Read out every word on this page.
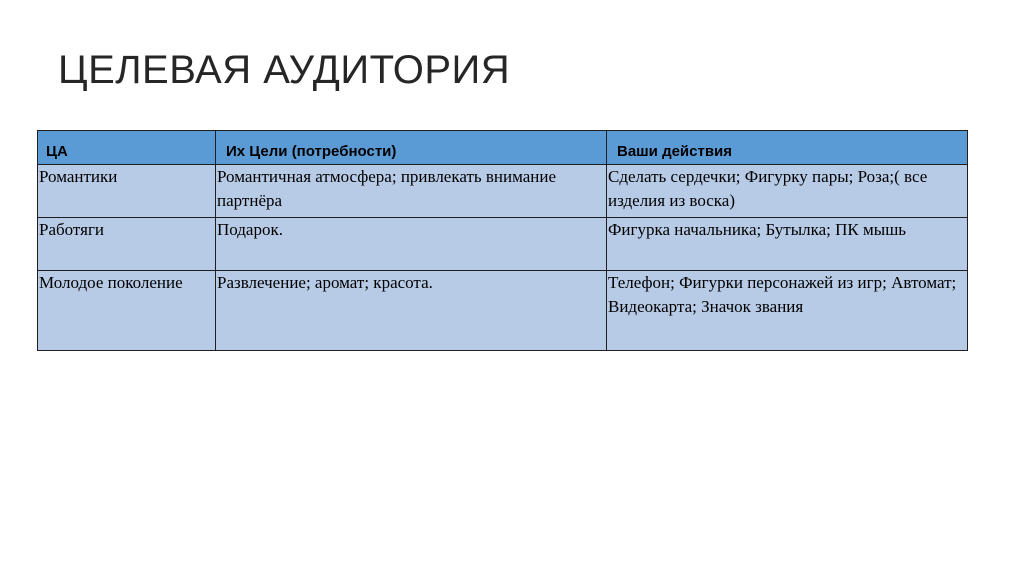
ЦЕЛЕВАЯ АУДИТОРИЯ
ЦА	Их Цели (потребности)	Ваши действия
Романтики	Романтичная атмосфера; привлекать внимание партнёра	Сделать сердечки; Фигурку пары; Роза;( все изделия из воска)
Работяги	Подарок.	Фигурка начальника; Бутылка; ПК мышь
Молодое поколение	Развлечение; аромат; красота.	Телефон; Фигурки персонажей из игр; Автомат; Видеокарта; Значок звания
